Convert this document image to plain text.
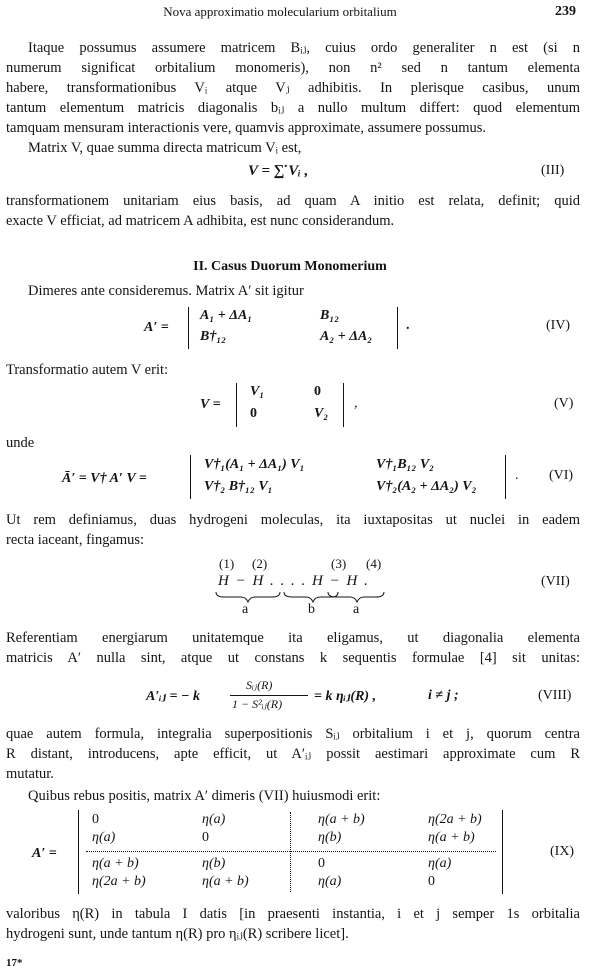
Nova approximatio molecularium orbitalium	239
Itaque possumus assumere matricem Bᵢⱼ, cuius ordo generaliter n est (si n
numerum significat orbitalium monomeris), non n² sed n tantum elementa
habere, transformationibus Vᵢ atque Vⱼ adhibitis. In plerisque casibus, unum
tantum elementum matricis diagonalis bᵢⱼ a nullo multum differt: quod elementum
tamquam mensuram interactionis vere, quamvis approximate, assumere possumus.
Matrix V, quae summa directa matricum Vᵢ est,
V = ∑̇ Vᵢ ,	(III)
transformationem unitariam eius basis, ad quam A initio est relata, definit; quid
exacte V efficiat, ad matricem A adhibita, est nunc considerandum.
II. Casus Duorum Monomerium
Dimeres ante consideremus. Matrix A′ sit igitur
A′ =
A₁ + ΔA₁	B₁₂
B†₁₂	A₂ + ΔA₂
.	(IV)
Transformatio autem V erit:
V =
V₁	0
0	V₂
,	(V)
unde
Ā′ = V† A′ V =
V†₁(A₁ + ΔA₁) V₁	V†₁B₁₂ V₂
V†₂ B†₁₂ V₁	V†₂(A₂ + ΔA₂) V₂
. (VI)
Ut rem definiamus, duas hydrogeni moleculas, ita iuxtapositas ut nuclei in eadem
recta iaceant, fingamus:
(1) (2)	(3) (4)
H − H . . . . H − H .
a	b	a
(VII)
Referentiam energiarum unitatemque ita eligamus, ut diagonalia elementa
matricis A′ nulla sint, atque ut constans k sequentis formulae [4] sit unitas:
A′ᵢⱼ = − k
Sᵢⱼ(R)
1 − S²ᵢⱼ(R) = k ηᵢⱼ(R) ,	i ≠ j ;	(VIII)
quae autem formula, integralia superpositionis Sᵢⱼ orbitalium i et j, quorum centra
R distant, introducens, apte efficit, ut A′ᵢⱼ possit aestimari approximate cum R
mutatur.
Quibus rebus positis, matrix A′ dimeris (VII) huiusmodi erit:
A′ =
0	η(a)	η(a + b)	η(2a + b)
η(a)	0	η(b)	η(a + b)
η(a + b)	η(b)	0	η(a)
η(2a + b)	η(a + b)	η(a)	0
(IX)
valoribus η(R) in tabula I datis [in praesenti instantia, i et j semper 1s orbitalia
hydrogeni sunt, unde tantum η(R) pro ηᵢⱼ(R) scribere licet].
17*
